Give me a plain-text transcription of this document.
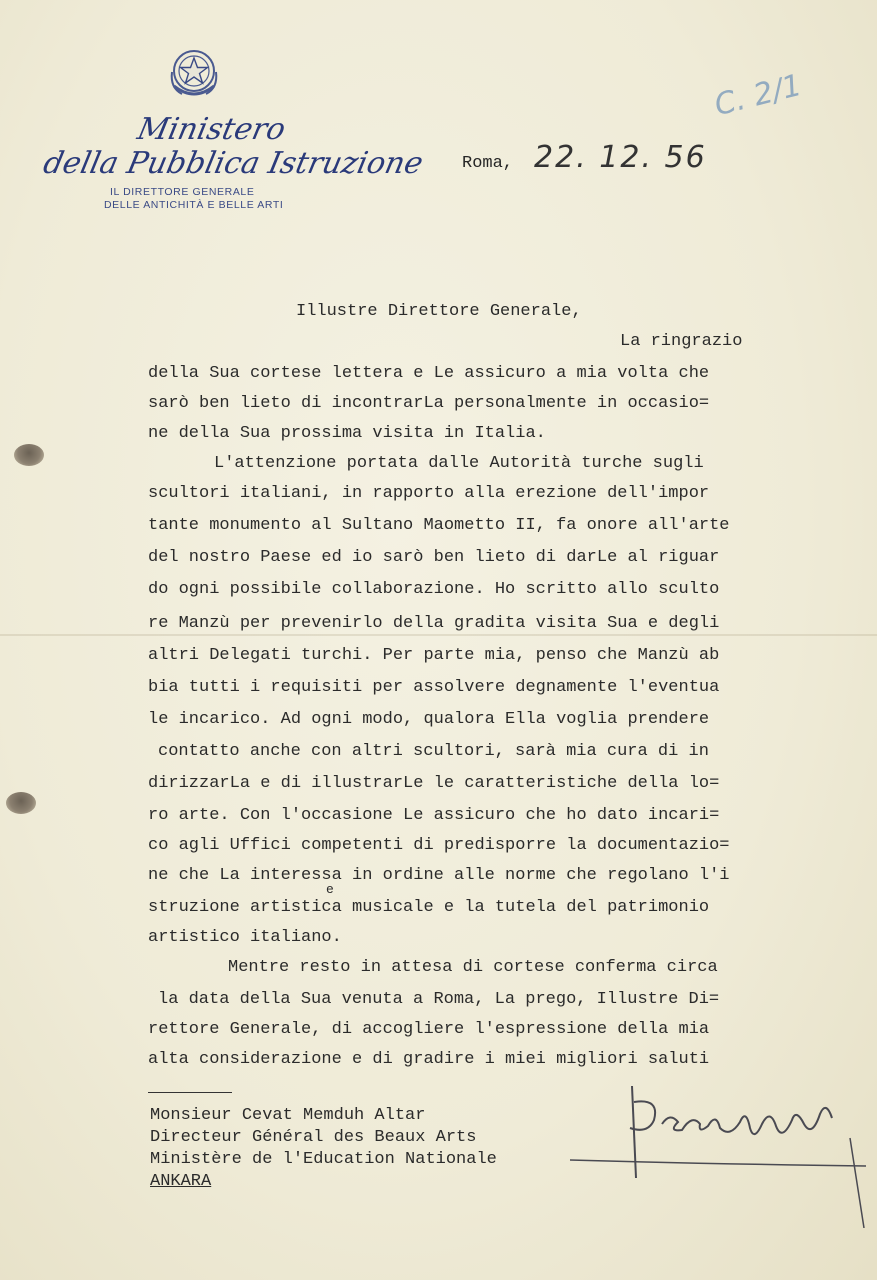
Ministero
della Pubblica Istruzione
IL DIRETTORE GENERALE
DELLE ANTICHITÀ E BELLE ARTI
Roma, 22. 12. 56
C. 2/1
Illustre Direttore Generale,
La ringrazio
della Sua cortese lettera e Le assicuro a mia volta che
sarò ben lieto di incontrarLa personalmente in occasio=
ne della Sua prossima visita in Italia.
L'attenzione portata dalle Autorità turche sugli
scultori italiani, in rapporto alla erezione dell'impor
tante monumento al Sultano Maometto II, fa onore all'arte
del nostro Paese ed io sarò ben lieto di darLe al riguar
do ogni possibile collaborazione. Ho scritto allo sculto
re Manzù per prevenirlo della gradita visita Sua e degli
altri Delegati turchi. Per parte mia, penso che Manzù ab
bia tutti i requisiti per assolvere degnamente l'eventua
le incarico. Ad ogni modo, qualora Ella voglia prendere
contatto anche con altri scultori, sarà mia cura di in
dirizzarLa e di illustrarLe le caratteristiche della lo=
ro arte. Con l'occasione Le assicuro che ho dato incari=
co agli Uffici competenti di predisporre la documentazio=
ne che La interessa in ordine alle norme che regolano l'i
struzione artistica musicale e la tutela del patrimonio
artistico italiano.
Mentre resto in attesa di cortese conferma circa
la data della Sua venuta a Roma, La prego, Illustre Di=
rettore Generale, di accogliere l'espressione della mia
alta considerazione e di gradire i miei migliori saluti
e
Monsieur Cevat Memduh Altar
Directeur Général des Beaux Arts
Ministère de l'Education Nationale
ANKARA
